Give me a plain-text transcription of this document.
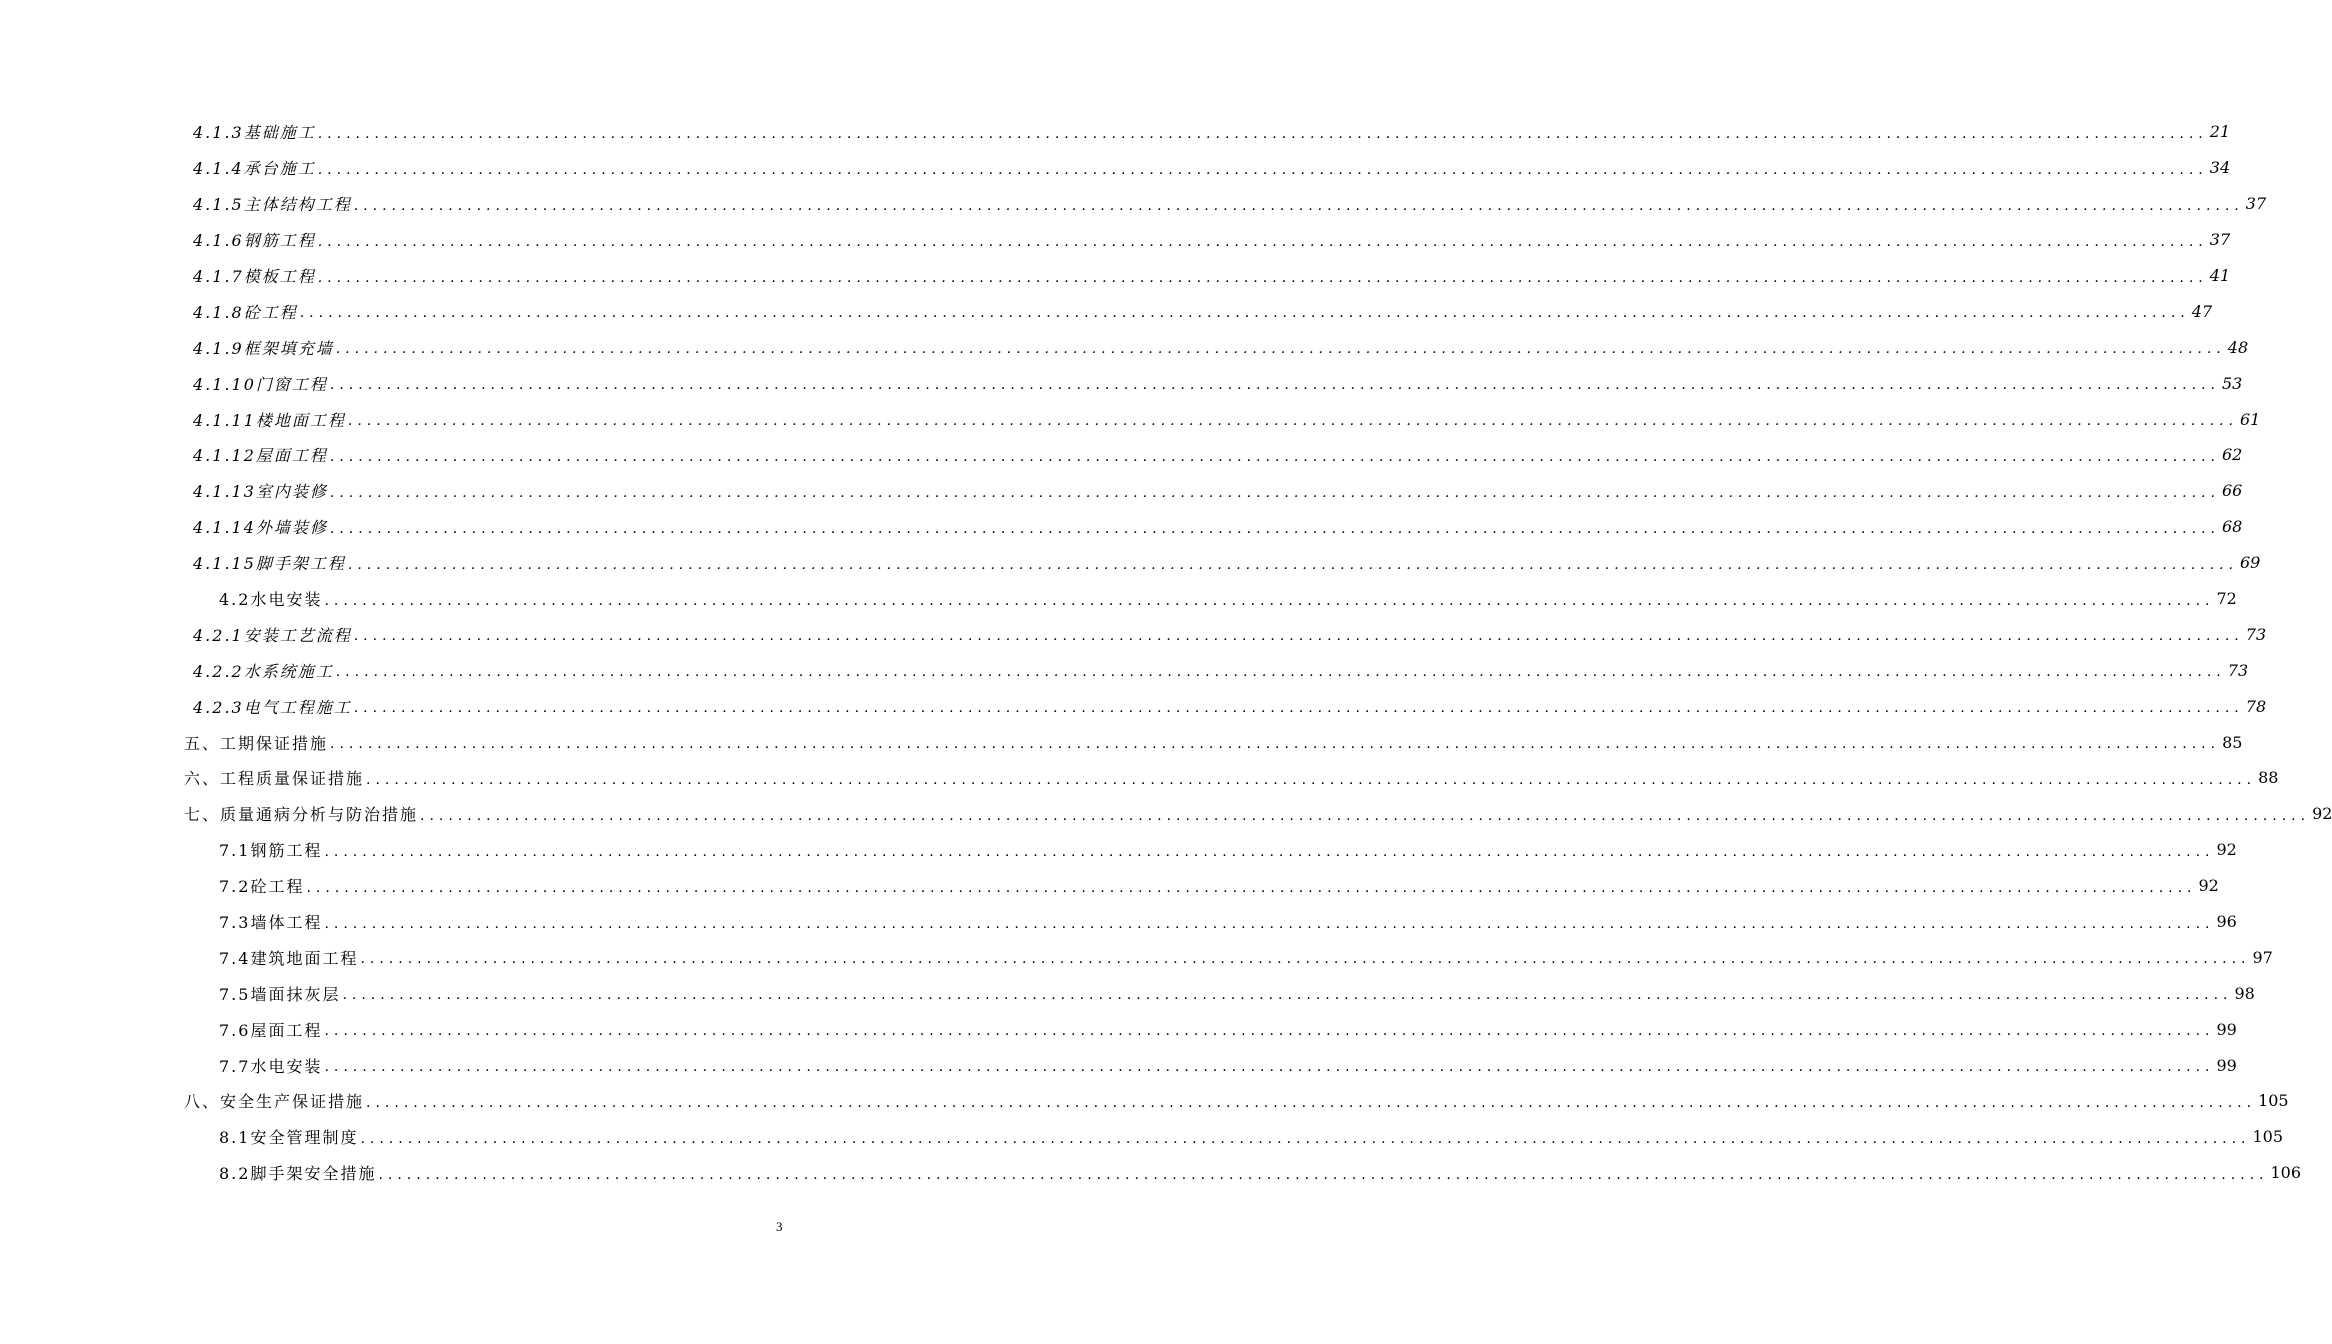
4.1.3基础施工 ........................................................................................................................................................................................................ 21
4.1.4承台施工 ........................................................................................................................................................................................................ 34
4.1.5主体结构工程 ........................................................................................................................................................................................................ 37
4.1.6钢筋工程 ........................................................................................................................................................................................................ 37
4.1.7模板工程 ........................................................................................................................................................................................................ 41
4.1.8砼工程 ........................................................................................................................................................................................................ 47
4.1.9框架填充墙 ........................................................................................................................................................................................................ 48
4.1.10门窗工程 ........................................................................................................................................................................................................ 53
4.1.11楼地面工程 ........................................................................................................................................................................................................ 61
4.1.12屋面工程 ........................................................................................................................................................................................................ 62
4.1.13室内装修 ........................................................................................................................................................................................................ 66
4.1.14外墙装修 ........................................................................................................................................................................................................ 68
4.1.15脚手架工程 ........................................................................................................................................................................................................ 69
4.2水电安装 ........................................................................................................................................................................................................ 72
4.2.1安装工艺流程 ........................................................................................................................................................................................................ 73
4.2.2水系统施工 ........................................................................................................................................................................................................ 73
4.2.3电气工程施工 ........................................................................................................................................................................................................ 78
五、工期保证措施 ........................................................................................................................................................................................................ 85
六、工程质量保证措施 ........................................................................................................................................................................................................ 88
七、质量通病分析与防治措施 ........................................................................................................................................................................................................ 92
7.1钢筋工程 ........................................................................................................................................................................................................ 92
7.2砼工程 ........................................................................................................................................................................................................ 92
7.3墙体工程 ........................................................................................................................................................................................................ 96
7.4建筑地面工程 ........................................................................................................................................................................................................ 97
7.5墙面抹灰层 ........................................................................................................................................................................................................ 98
7.6屋面工程 ........................................................................................................................................................................................................ 99
7.7水电安装 ........................................................................................................................................................................................................ 99
八、安全生产保证措施 ........................................................................................................................................................................................................ 105
8.1安全管理制度 ........................................................................................................................................................................................................ 105
8.2脚手架安全措施 ........................................................................................................................................................................................................ 106
3
